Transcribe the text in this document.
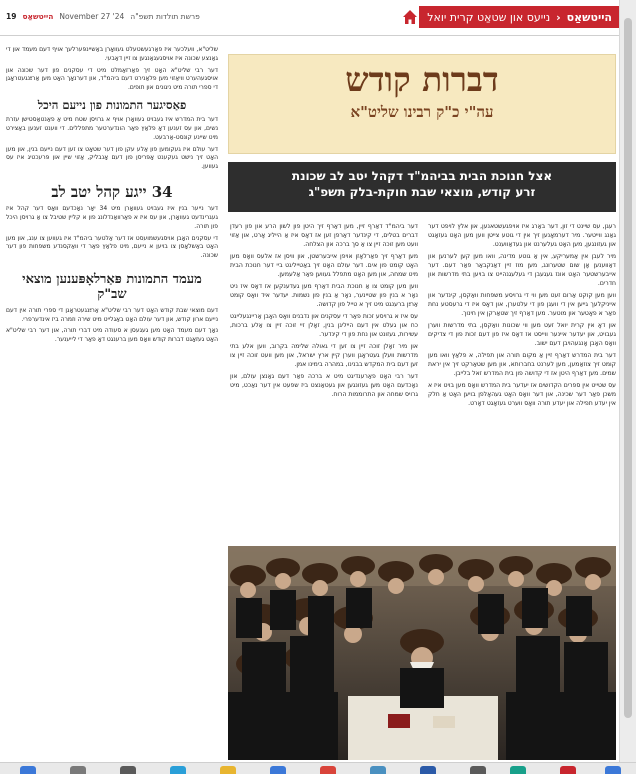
19 הייטשאַס November 27 '24 פרשת תולדות תשפ"ה	הייטשאַס
‹
נייעס און שטאַט קרית יואל
דברות קודש
עה"י כ"ק רבינו שליט"א
אצל חנוכת הבית בביהמ"ד דקהל יטב לב שכונת
זרע קודש, מוצאי שבת חוקת-בלק תשפ"ג

רעגן, עס שיינט די זון, דער באַרג איז אויפגעשטאנען, און אלץ לויפט דער גאַנג ווייטער. מיר דערמאָנען זיך אין די גוטע צייטן ווען מען האָט געזאָגט און געזונגען, מען האָט געלערנט און געדאַווענט.

מיר לעבן אין אַמעריקע, אין אַ גוטע מדינה, וואו מען קען לערנען און דאַווענען אָן שום שטערונג, מען מוז זיין דאַנקבאַר פאַר דעם. דער אייבערשטער האָט אונז געגעבן די געלעגנהייט צו בויען בתי מדרשות און חדרים.

ווען מען קוקט אַרום זעט מען ווי די גרויסע משפחות וואַקסן, קינדער און אייניקלעך גייען אין די וועגן פון די עלטערן, און דאָס איז די גרעסטע נחת פאַר א פאָטער און מוטער. מען דאַרף זיך שטאַרקן אין חינוך.

און דאָ אין קרית יואל זעט מען ווי שכונות וואַקסן, בתי מדרשות ווערן געבויט, און יעדער איינער ווייסט אז דאָס איז פון דעם זכות פון די צדיקים וואָס האָבן אָנגעהויבן דעם ישוב.

דער בית המדרש דאַרף זיין אַ מקום תורה און תפילה, א פלאַץ וואו מען קומט זיך צוזאַמען, מען לערנט בחברותא, און מען שטאַרקט זיך אין יראת שמים. מען דאַרף היטן אז די קדושה פון בית המדרש זאל בלייבן.

עס שטייט אין ספרים הקדושים אז יעדער בית המדרש וואָס מען בויט איז א משכן פאַר דער שכינה, און דער וואָס האָט געהאָלפן בויען האָט אַ חלק אין יעדע תפילה און יעדע תורה וואָס ווערט געזאָגט דאָרט.

דער ביהמ"ד דאַרף זיין, מען דאַרף זיך היטן פון לשון הרע און פון רעדן דברים בטלים, די קינדער דאַרפן זען אז דאָס איז אַ הייליג אָרט, און אַזוי וועט מען זוכה זיין צו אַ סך ברכה און הצלחה.

מען דאַרף זיך פאַרלאָזן אויפן אייבערשטן, און וויסן אז אלעס וואָס מען האָט קומט פון אים. דער עולם האָט זיך באַטייליגט ביי דער חנוכת הבית מיט שמחה, און מען האָט מתפלל געווען פאַר אַלעמען.

ווען מען קומט צו אַ חנוכת הבית דאַרף מען געדענקען אז דאָס איז ניט נאָר א בנין פון שטיינער, נאָר אַ בנין פון נשמות. יעדער איד וואָס קומט אַרײַן ברענגט מיט זיך א טייל פון קדושה.

עס איז א גרויסע זכות פאַר די עסקנים און נדבנים וואָס האָבן אַריינגעלייגט כח און געלט אין דעם הייליגן בנין, זאָלן זיי זוכה זיין צו אַלע ברכות, עשירות, געזונט און נחת פון די קינדער.

און מיר זאָלן זוכה זיין צו זען די גאולה שלימה בקרוב, ווען אלע בתי מדרשות וועלן געטראָגן ווערן קיין ארץ ישראל, און מען וועט זוכה זיין צו זען דעם בית המקדש בבנינו, במהרה בימינו אמן.

דער רבי האָט פאַרענדיגט מיט א ברכה פאַר דעם גאַנצן עולם, און נאָכדעם האָט מען געזונגען און געטאַנצט ביז שפעט אין דער נאַכט, מיט גרויס שמחה און התרוממות הרוח.

שליט"א, וועלכער איז פאַרגעשטעלט געוואָרן באַשיינפּערלעך אויף דעם מעמד און די גאַנצע שכונה איז אויסגעגאַנגען צו זיין דאַבעי.

דער רבי שליט"א האָט זיך פאַרזאַמלט מיט די עסקנים פון דער שכונה און אויסגעהערט וויאַזוי מען פלאַנירט דעם ביהמ"ד, און דערנאָך האָט מען אַרײַנגעטראָגן די ספרי תורה מיט ניגונים און תופים.

פאַסיגער התמונות פון נייעם היכל

דער בית המדרש איז געבויט געוואָרן אויף א גרויסן שטח מיט אַ פאַנטאַסטישן עזרת נשים, און עס זענען דאָ פלאַץ פאַר הונדערטער מתפללים. די ווענט זענען באַצירט מיט שיינע קונסט-אַרבעט.

דער עולם איז געקומען פון אַלע עקן פון דער שטאָט צו זען דעם נייעם בנין, און מען האָט זיך נישט געקענט אָפּריסן פון דעם אָנבליק, אַזוי שיין און פּרעכטיג איז עס געווען.

34 ייגע קהל יטב לב

דער נייער בנין איז געבויט געוואָרן מיט 34 יאָר נאָכדעם וואָס דער קהל איז געגרינדעט געוואָרן, און עס איז א פאַרוואַנדלונג פון א קליין שטיבל צו אַ גרויסן היכל פון תורה.

די עסקנים האָבן אויסגעשמועסט אז דער אַלטער ביהמ"ד איז געווען צו ענג, און מען האָט באַשלאָסן צו בויען א נייעם, מיט פלאַץ פאַר די וואַקסנדע משפחות פון דער שכונה.

מעמד התמונות פּאַרלאָפּענען מוצאי שב"ק

דעם מוצאי שבת קודש האָט דער רבי שליט"א אַרײַנגעטראָגן די ספרי תורה אין דעם נייעם ארון קודש, און דער עולם האָט באַגלייט מיט שירה וזמרה ביז אינדערפרי.

נאָך דעם מעמד האָט מען געגעסן א סעודה מיט דברי תורה, און דער רבי שליט"א האָט געזאָגט דברות קודש וואָס מען ברענגט דאָ פאַר די לייענער.
